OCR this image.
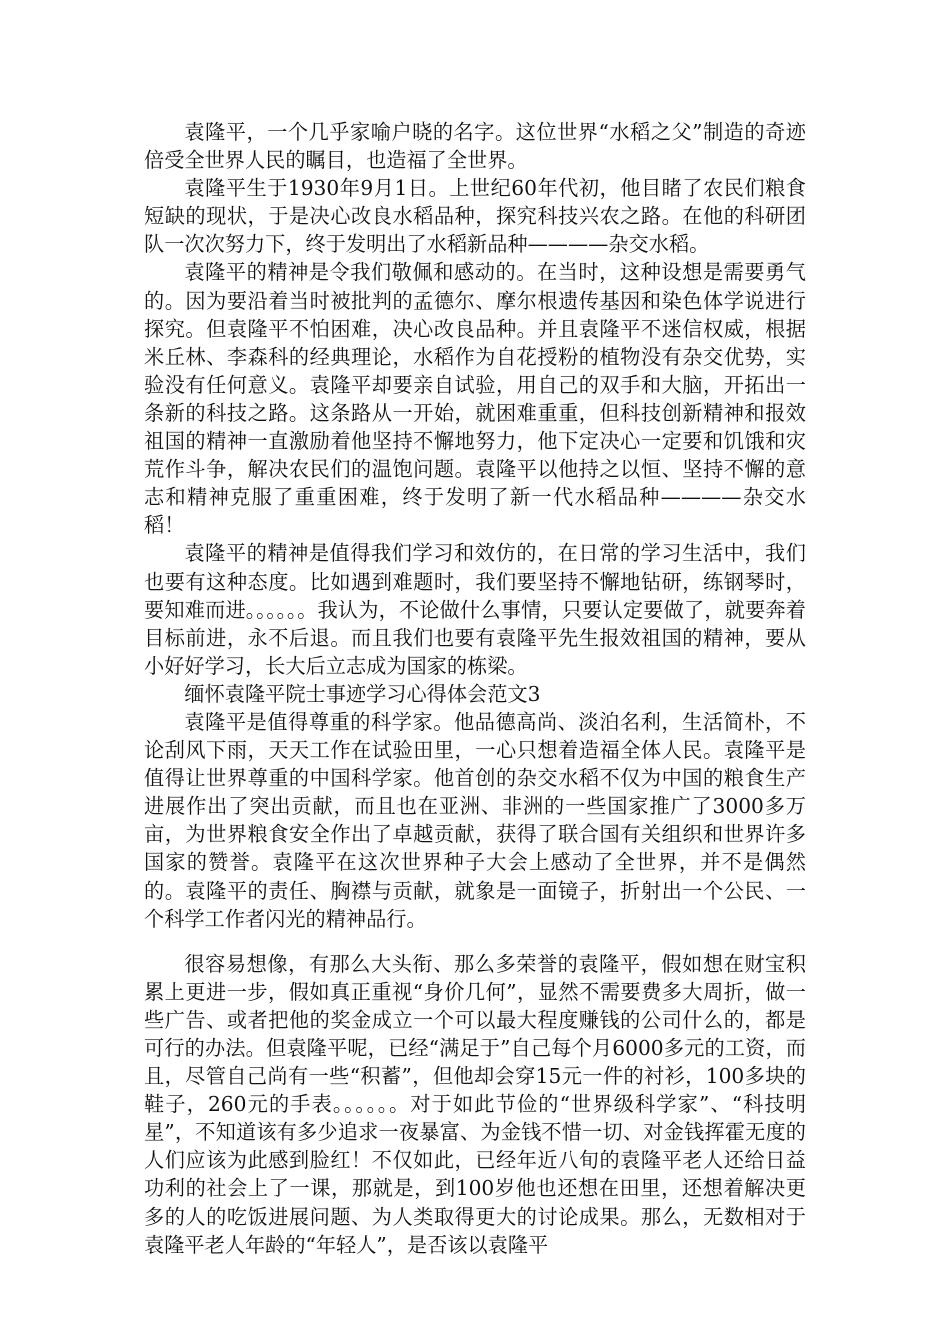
袁隆平，一个几乎家喻户晓的名字。这位世界“水稻之父”制造的奇迹倍受全世界人民的瞩目，也造福了全世界。

袁隆平生于1930年9月1日。上世纪60年代初，他目睹了农民们粮食短缺的现状，于是决心改良水稻品种，探究科技兴农之路。在他的科研团队一次次努力下，终于发明出了水稻新品种————杂交水稻。

袁隆平的精神是令我们敬佩和感动的。在当时，这种设想是需要勇气的。因为要沿着当时被批判的孟德尔、摩尔根遗传基因和染色体学说进行探究。但袁隆平不怕困难，决心改良品种。并且袁隆平不迷信权威，根据米丘林、李森科的经典理论，水稻作为自花授粉的植物没有杂交优势，实验没有任何意义。袁隆平却要亲自试验，用自己的双手和大脑，开拓出一条新的科技之路。这条路从一开始，就困难重重，但科技创新精神和报效祖国的精神一直激励着他坚持不懈地努力，他下定决心一定要和饥饿和灾荒作斗争，解决农民们的温饱问题。袁隆平以他持之以恒、坚持不懈的意志和精神克服了重重困难，终于发明了新一代水稻品种————杂交水稻！

袁隆平的精神是值得我们学习和效仿的，在日常的学习生活中，我们也要有这种态度。比如遇到难题时，我们要坚持不懈地钻研，练钢琴时，要知难而进。。。。。。我认为，不论做什么事情，只要认定要做了，就要奔着目标前进，永不后退。而且我们也要有袁隆平先生报效祖国的精神，要从小好好学习，长大后立志成为国家的栋梁。

缅怀袁隆平院士事迹学习心得体会范文3

袁隆平是值得尊重的科学家。他品德高尚、淡泊名利，生活简朴，不论刮风下雨，天天工作在试验田里，一心只想着造福全体人民。袁隆平是值得让世界尊重的中国科学家。他首创的杂交水稻不仅为中国的粮食生产进展作出了突出贡献，而且也在亚洲、非洲的一些国家推广了3000多万亩，为世界粮食安全作出了卓越贡献，获得了联合国有关组织和世界许多国家的赞誉。袁隆平在这次世界种子大会上感动了全世界，并不是偶然的。袁隆平的责任、胸襟与贡献，就象是一面镜子，折射出一个公民、一个科学工作者闪光的精神品行。

很容易想像，有那么大头衔、那么多荣誉的袁隆平，假如想在财宝积累上更进一步，假如真正重视“身价几何”，显然不需要费多大周折，做一些广告、或者把他的奖金成立一个可以最大程度赚钱的公司什么的，都是可行的办法。但袁隆平呢，已经“满足于”自己每个月6000多元的工资，而且，尽管自己尚有一些“积蓄”，但他却会穿15元一件的衬衫，100多块的鞋子，260元的手表。。。。。。对于如此节俭的“世界级科学家”、“科技明星”，不知道该有多少追求一夜暴富、为金钱不惜一切、对金钱挥霍无度的人们应该为此感到脸红！不仅如此，已经年近八旬的袁隆平老人还给日益功利的社会上了一课，那就是，到100岁他也还想在田里，还想着解决更多的人的吃饭进展问题、为人类取得更大的讨论成果。那么，无数相对于袁隆平老人年龄的“年轻人”，是否该以袁隆平
